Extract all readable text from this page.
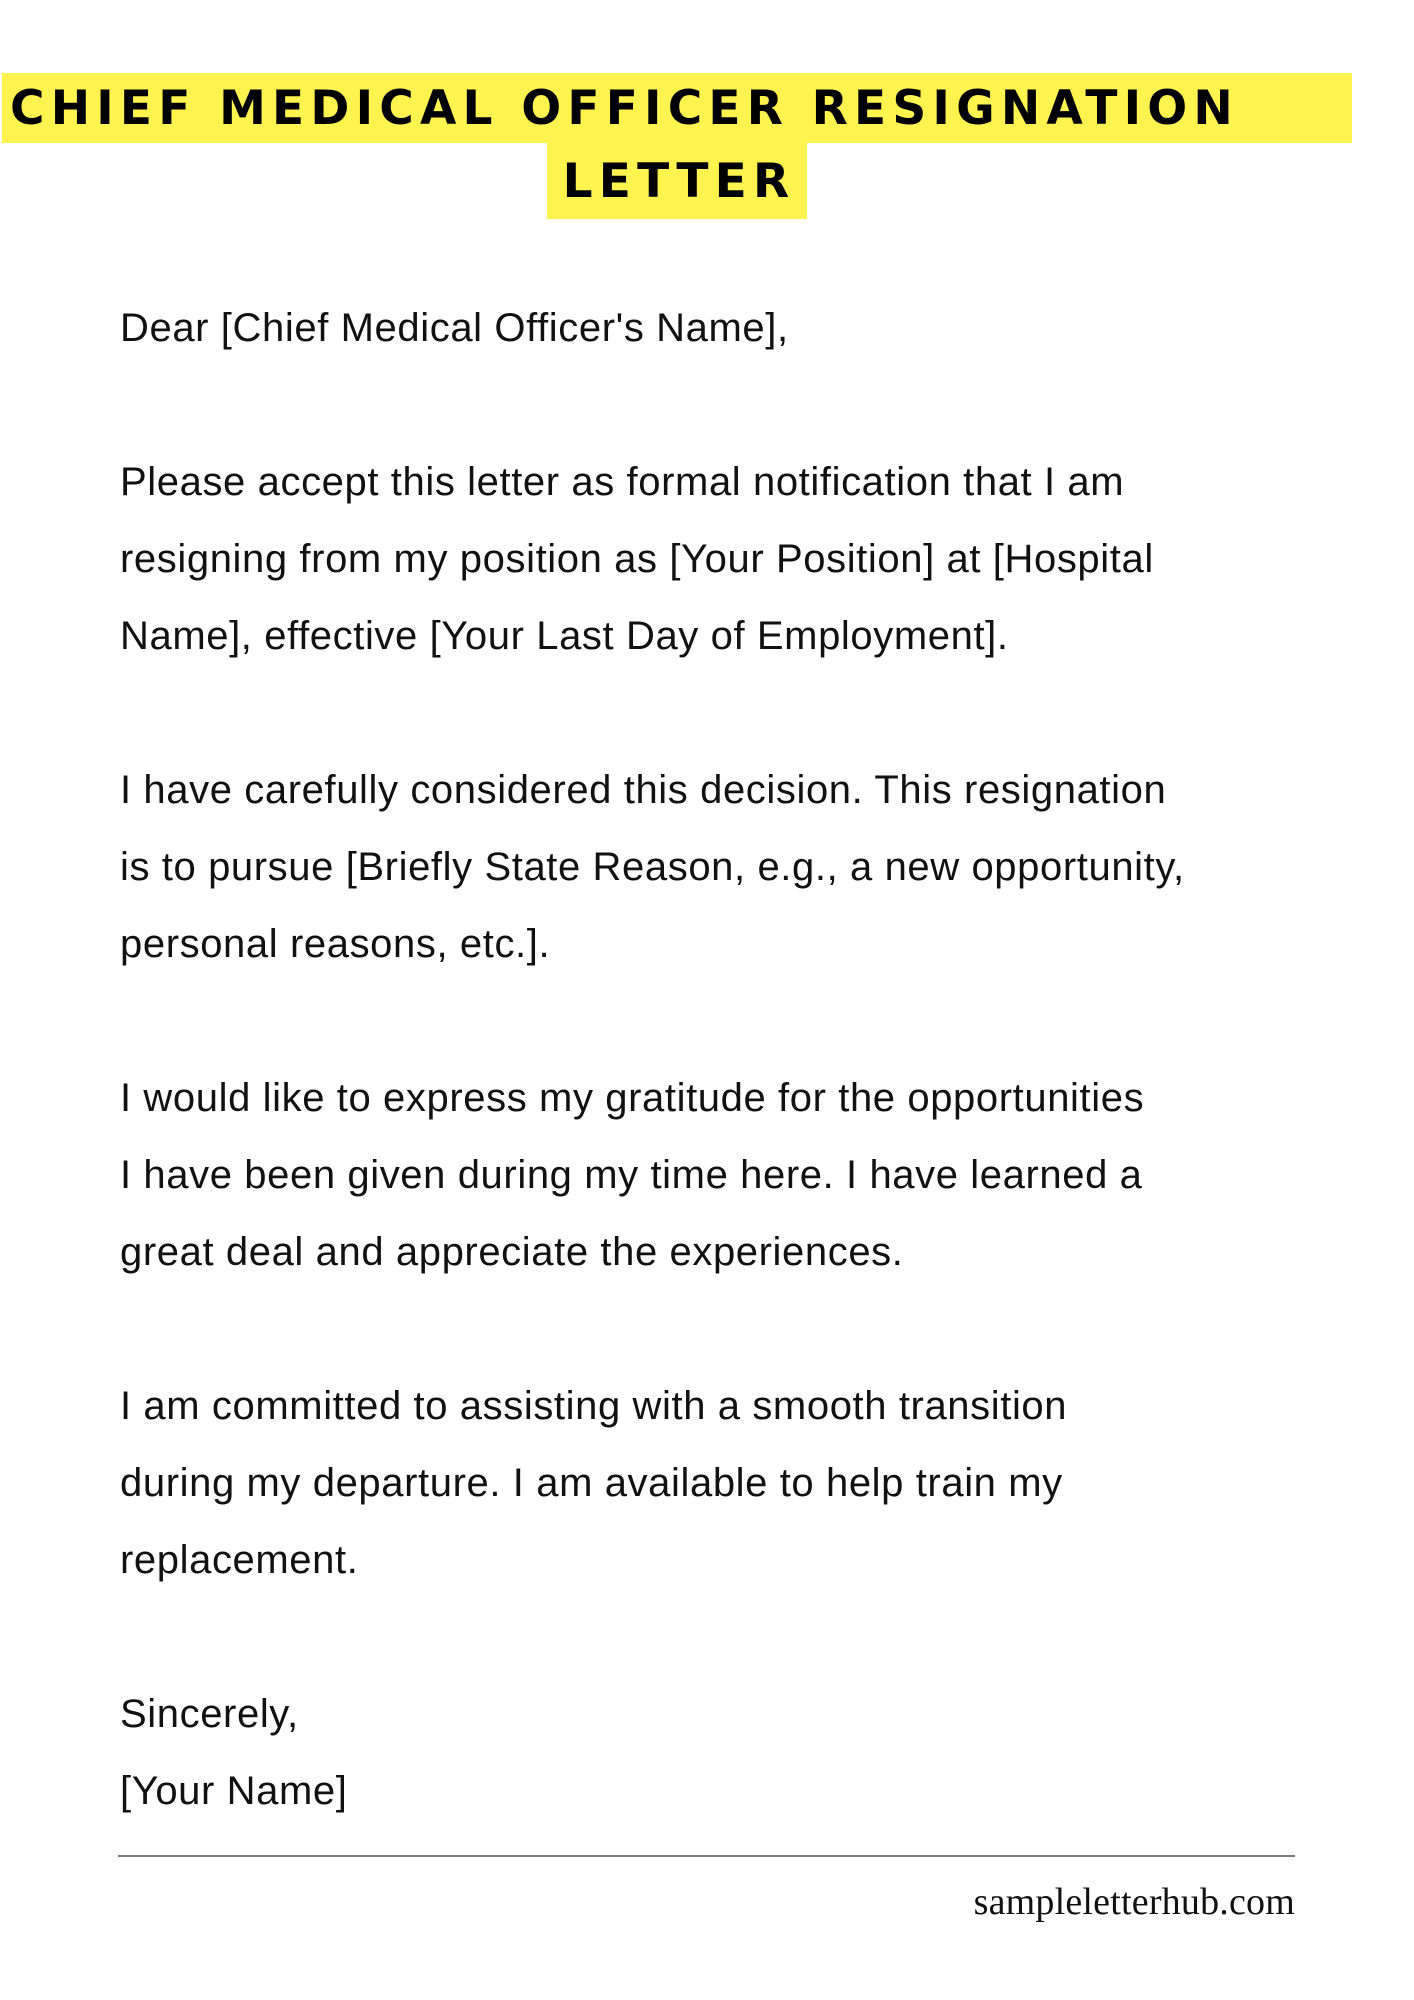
CHIEF MEDICAL OFFICER RESIGNATION
LETTER
Dear [Chief Medical Officer's Name],
Please accept this letter as formal notification that I am
resigning from my position as [Your Position] at [Hospital
Name], effective [Your Last Day of Employment].
I have carefully considered this decision. This resignation
is to pursue [Briefly State Reason, e.g., a new opportunity,
personal reasons, etc.].
I would like to express my gratitude for the opportunities
I have been given during my time here. I have learned a
great deal and appreciate the experiences.
I am committed to assisting with a smooth transition
during my departure. I am available to help train my
replacement.
Sincerely,
[Your Name]
sampleletterhub.com
